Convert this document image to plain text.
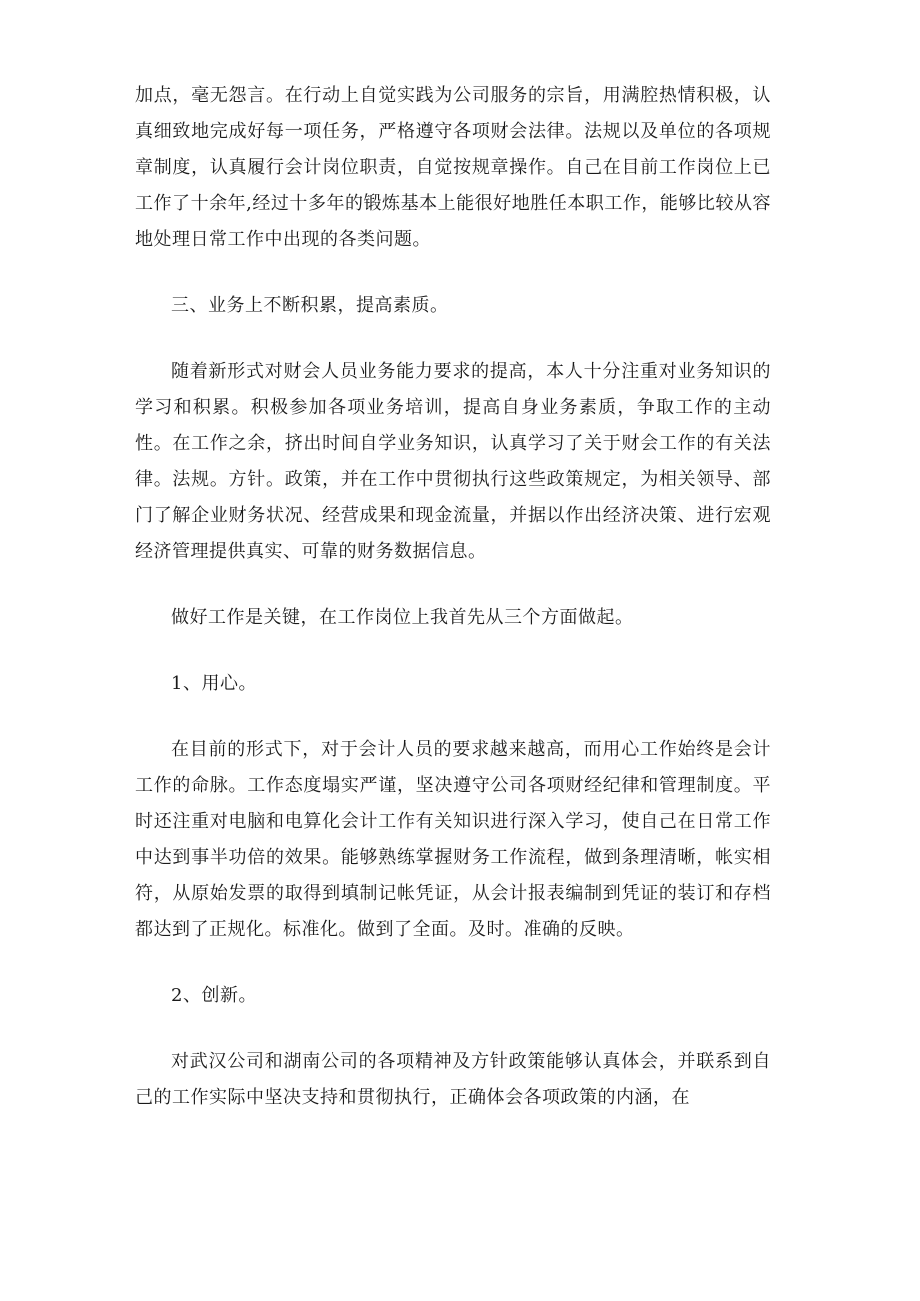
加点，毫无怨言。在行动上自觉实践为公司服务的宗旨，用满腔热情积极，认真细致地完成好每一项任务，严格遵守各项财会法律。法规以及单位的各项规章制度，认真履行会计岗位职责，自觉按规章操作。自己在目前工作岗位上已工作了十余年,经过十多年的锻炼基本上能很好地胜任本职工作，能够比较从容地处理日常工作中出现的各类问题。

三、业务上不断积累，提高素质。

随着新形式对财会人员业务能力要求的提高，本人十分注重对业务知识的学习和积累。积极参加各项业务培训，提高自身业务素质，争取工作的主动性。在工作之余，挤出时间自学业务知识，认真学习了关于财会工作的有关法律。法规。方针。政策，并在工作中贯彻执行这些政策规定，为相关领导、部门了解企业财务状况、经营成果和现金流量，并据以作出经济决策、进行宏观经济管理提供真实、可靠的财务数据信息。

做好工作是关键，在工作岗位上我首先从三个方面做起。

1、用心。

在目前的形式下，对于会计人员的要求越来越高，而用心工作始终是会计工作的命脉。工作态度塌实严谨，坚决遵守公司各项财经纪律和管理制度。平时还注重对电脑和电算化会计工作有关知识进行深入学习，使自己在日常工作中达到事半功倍的效果。能够熟练掌握财务工作流程，做到条理清晰，帐实相符，从原始发票的取得到填制记帐凭证，从会计报表编制到凭证的装订和存档都达到了正规化。标准化。做到了全面。及时。准确的反映。

2、创新。

对武汉公司和湖南公司的各项精神及方针政策能够认真体会，并联系到自己的工作实际中坚决支持和贯彻执行，正确体会各项政策的内涵，在
